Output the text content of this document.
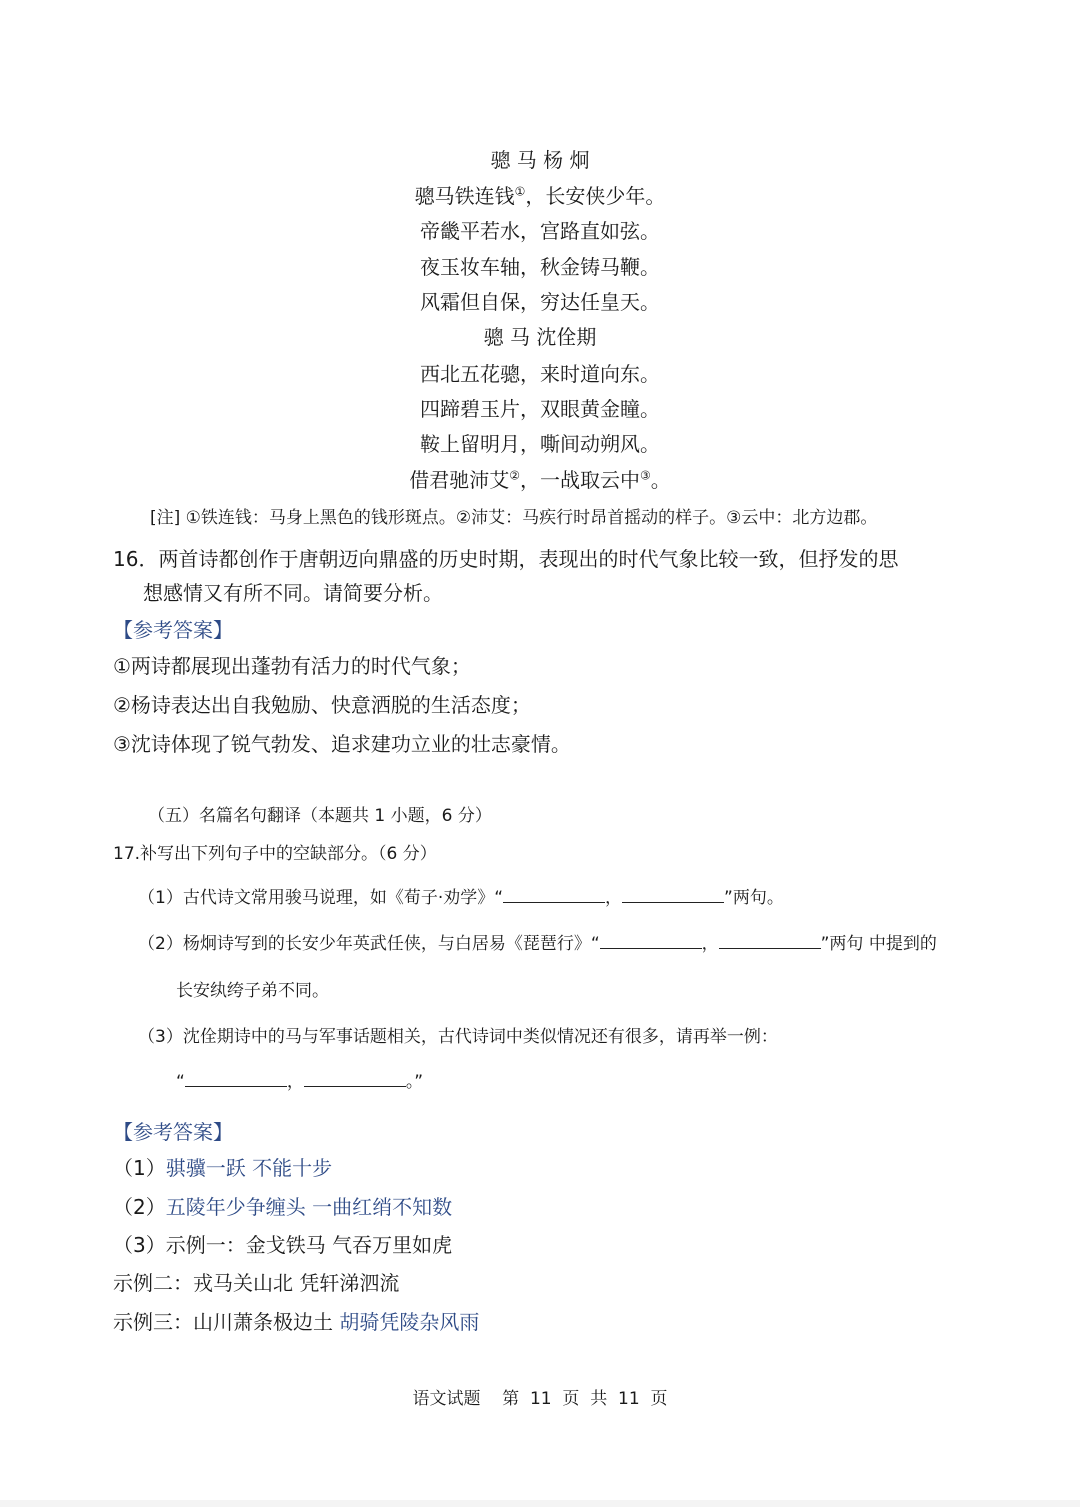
骢 马 杨 炯
骢马铁连钱①，长安侠少年。
帝畿平若水，宫路直如弦。
夜玉妆车轴，秋金铸马鞭。
风霜但自保，穷达任皇天。
骢 马 沈佺期
西北五花骢，来时道向东。
四蹄碧玉片，双眼黄金瞳。
鞍上留明月，嘶间动朔风。
借君驰沛艾②，一战取云中③。
[注] ①铁连钱：马身上黑色的钱形斑点。②沛艾：马疾行时昂首摇动的样子。③云中：北方边郡。
16．两首诗都创作于唐朝迈向鼎盛的历史时期，表现出的时代气象比较一致，但抒发的思
想感情又有所不同。请简要分析。
【参考答案】
①两诗都展现出蓬勃有活力的时代气象；
②杨诗表达出自我勉励、快意洒脱的生活态度；
③沈诗体现了锐气勃发、追求建功立业的壮志豪情。
（五）名篇名句翻译（本题共 1 小题，6 分）
17.补写出下列句子中的空缺部分。（6 分）
（1）古代诗文常用骏马说理，如《荀子·劝学》“	，	”两句。
（2）杨炯诗写到的长安少年英武任侠，与白居易《琵琶行》“	，	”两句 中提到的
长安纨绔子弟不同。
（3）沈佺期诗中的马与军事话题相关，古代诗词中类似情况还有很多，请再举一例：
“	，	。”
【参考答案】
（1）骐骥一跃 不能十步
（2）五陵年少争缠头 一曲红绡不知数
（3）示例一：金戈铁马 气吞万里如虎
示例二：戎马关山北 凭轩涕泗流
示例三：山川萧条极边土 胡骑凭陵杂风雨
语文试题    第  11  页  共  11  页
